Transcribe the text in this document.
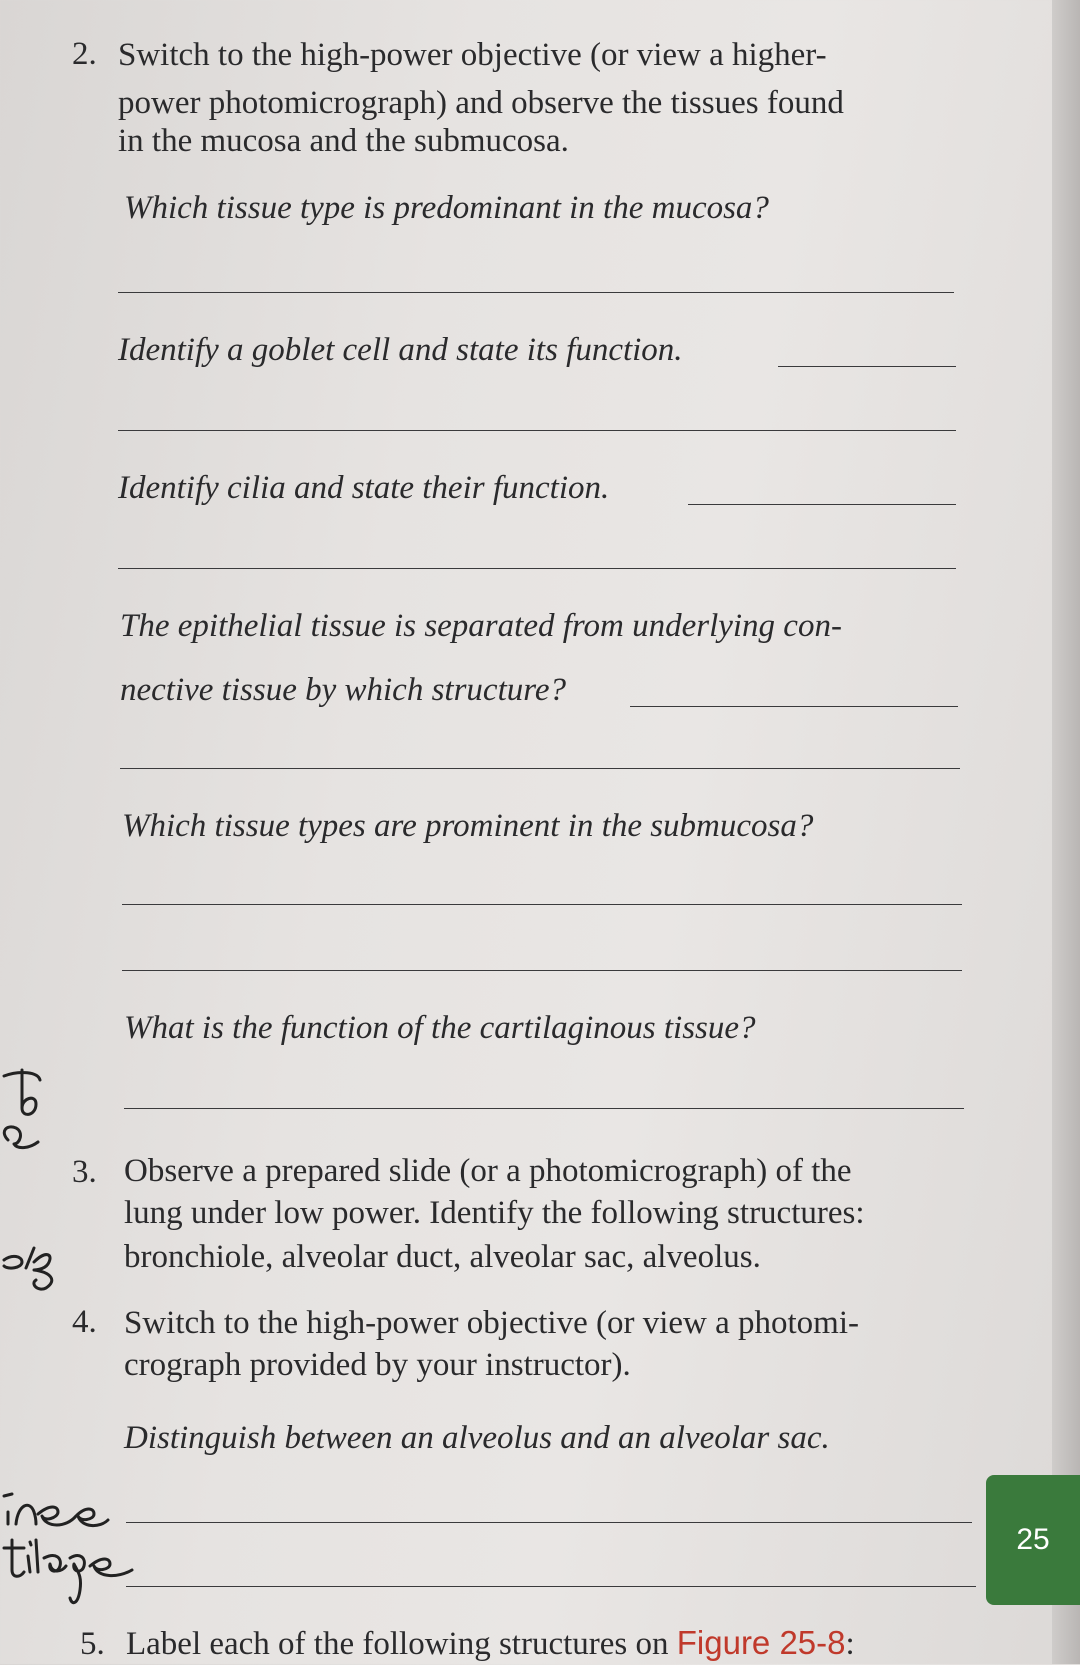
2. Switch to the high-power objective (or view a higher-
power photomicrograph) and observe the tissues found
in the mucosa and the submucosa.
Which tissue type is predominant in the mucosa?
Identify a goblet cell and state its function.
Identify cilia and state their function.
The epithelial tissue is separated from underlying con-
nective tissue by which structure?
Which tissue types are prominent in the submucosa?
What is the function of the cartilaginous tissue?
3. Observe a prepared slide (or a photomicrograph) of the
lung under low power. Identify the following structures:
bronchiole, alveolar duct, alveolar sac, alveolus.
4. Switch to the high-power objective (or view a photomi-
crograph provided by your instructor).
Distinguish between an alveolus and an alveolar sac.
5. Label each of the following structures on Figure 25-8:
25
